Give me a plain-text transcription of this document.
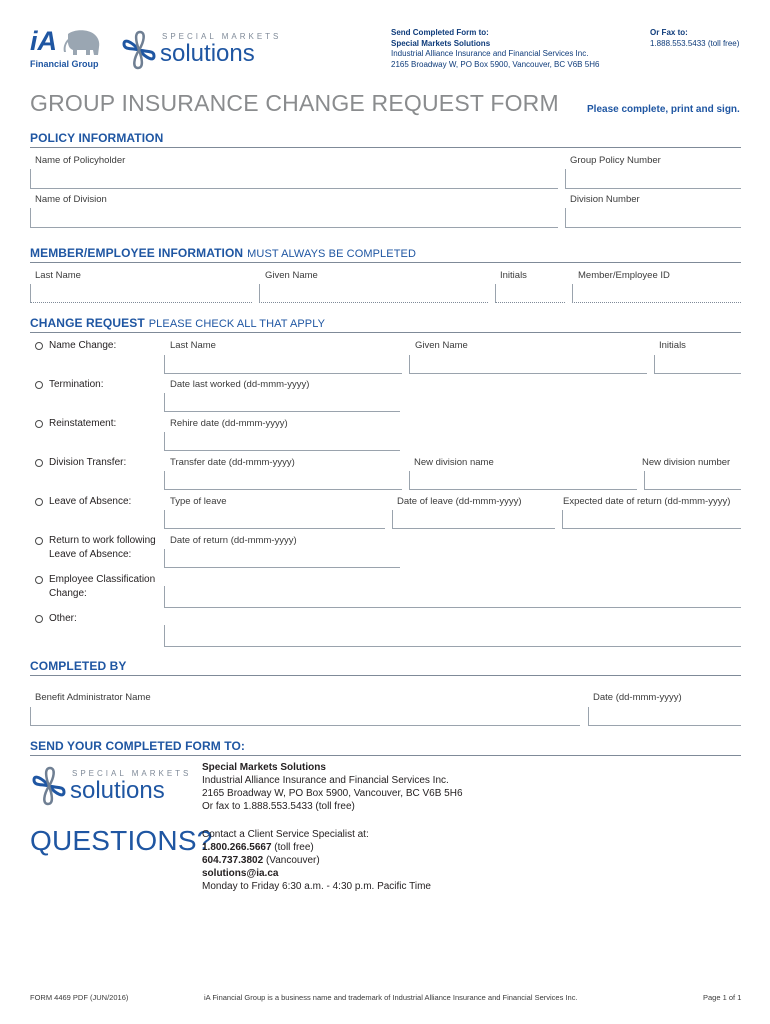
iA
Financial Group
SPECIAL MARKETS
solutions
Send Completed Form to:
Special Markets Solutions
Industrial Alliance Insurance and Financial Services Inc.
2165 Broadway W, PO Box 5900, Vancouver, BC V6B 5H6
Or Fax to:
1.888.553.5433 (toll free)
GROUP INSURANCE CHANGE REQUEST FORM	Please complete, print and sign.
POLICY INFORMATION
Name of Policyholder	Group Policy Number
Name of Division	Division Number
MEMBER/EMPLOYEE INFORMATION MUST ALWAYS BE COMPLETED
Last Name	Given Name	Initials	Member/Employee ID
CHANGE REQUEST PLEASE CHECK ALL THAT APPLY
Name Change:	Last Name	Given Name	Initials
Termination:	Date last worked (dd-mmm-yyyy)
Reinstatement:	Rehire date (dd-mmm-yyyy)
Division Transfer:	Transfer date (dd-mmm-yyyy)	New division name	New division number
Leave of Absence:	Type of leave	Date of leave (dd-mmm-yyyy)	Expected date of return (dd-mmm-yyyy)
Return to work following
Leave of Absence:
Date of return (dd-mmm-yyyy)
Employee Classification
Change:
Other:
COMPLETED BY
Benefit Administrator Name	Date (dd-mmm-yyyy)
SEND YOUR COMPLETED FORM TO:
SPECIAL MARKETS
solutions
Special Markets Solutions
Industrial Alliance Insurance and Financial Services Inc.
2165 Broadway W, PO Box 5900, Vancouver, BC V6B 5H6
Or fax to 1.888.553.5433 (toll free)
QUESTIONS?
Contact a Client Service Specialist at:
1.800.266.5667 (toll free)
604.737.3802 (Vancouver)
solutions@ia.ca
Monday to Friday 6:30 a.m. - 4:30 p.m. Pacific Time
FORM 4469 PDF (JUN/2016)	iA Financial Group is a business name and trademark of Industrial Alliance Insurance and Financial Services Inc.	Page 1 of 1
